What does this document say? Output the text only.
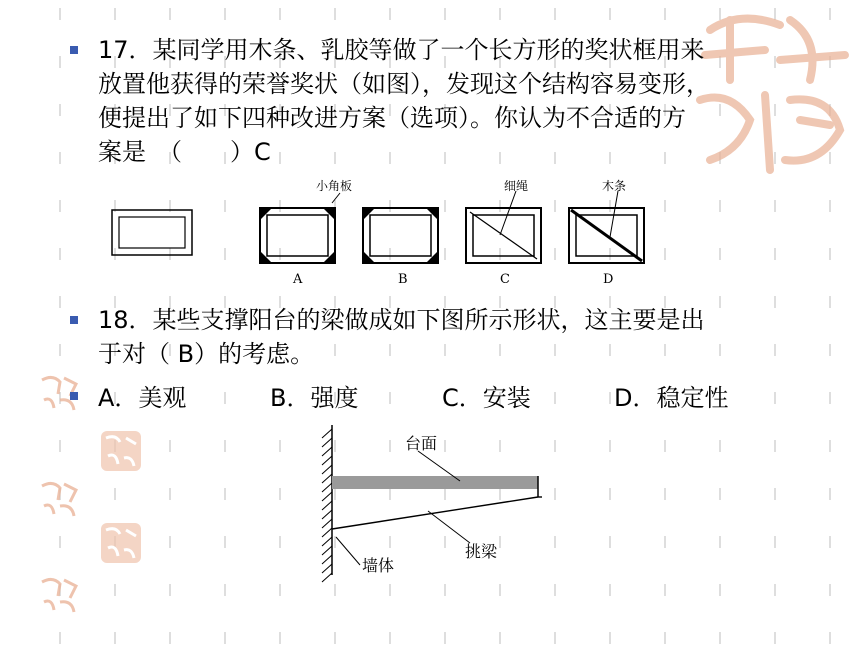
17．某同学用木条、乳胶等做了一个长方形的奖状框用来
放置他获得的荣誉奖状（如图），发现这个结构容易变形，
便提出了如下四种改进方案（选项）。你认为不合适的方
案是　（　　）C
小角板	细绳	木条
A	B	C	D
18．某些支撑阳台的梁做成如下图所示形状，这主要是出
于对（ B）的考虑。
A．美观	B．强度	C．安装	D．稳定性
台面
挑梁
墙体
